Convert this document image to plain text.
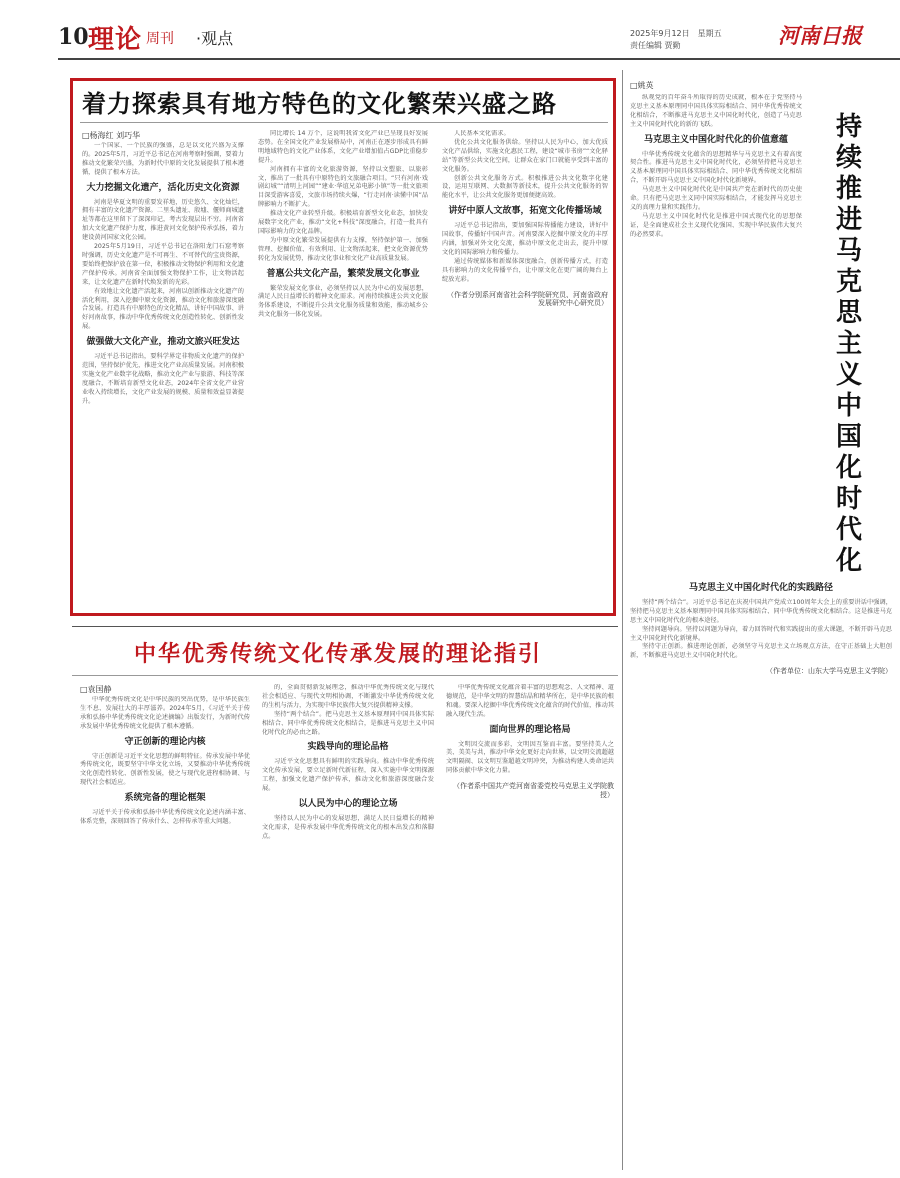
10 理论 周刊 ·观点	2025年9月12日　星期五
责任编辑 贾勤	河南日报
着力探索具有地方特色的文化繁荣兴盛之路
□杨海红 刘巧华

一个国家、一个民族的强盛，总是以文化兴盛为支撑的。2025年5月，习近平总书记在河南考察时强调，要着力推动文化繁荣兴盛，为新时代中原的文化发展提供了根本遵循，提供了根本方法。

大力挖掘文化遗产，活化历史文化资源

河南是华夏文明的重要发祥地，历史悠久、文化灿烂，拥有丰富的文化遗产资源。二里头遗址、殷墟、偃师商城遗址等都在这里留下了深深印记，考古发现层出不穷。河南省加大文化遗产保护力度，推进黄河文化保护传承弘扬，着力建设黄河国家文化公园。

2025年5月19日，习近平总书记在洛阳龙门石窟考察时强调，历史文化遗产是不可再生、不可替代的宝贵资源，要始终把保护放在第一位，积极推动文物保护利用和文化遗产保护传承。河南省全面加强文物保护工作，让文物活起来，让文化遗产在新时代焕发新的光彩。

有效地让文化遗产活起来，河南以创新推动文化遗产的活化利用，深入挖掘中原文化资源，推动文化和旅游深度融合发展。打造具有中原特色的文化精品，讲好中国故事、讲好河南故事，推动中华优秀传统文化创造性转化、创新性发展。

做强做大文化产业，推动文旅兴旺发达

习近平总书记指出，要科学界定非物质文化遗产的保护范围，坚持保护优先，推进文化产业高质量发展。河南积极实施文化产业数字化战略，推动文化产业与旅游、科技等深度融合，不断培育新型文化业态，2024年全省文化产业营业收入持续增长，文化产业发展的规模、质量和效益显著提升。

同比增长 14 万个，这说明我省文化产业已呈现良好发展态势。在全国文化产业发展格局中，河南正在逐步形成具有鲜明地域特色的文化产业体系，文化产业增加值占GDP比重稳步提升。

河南拥有丰富的文化旅游资源，坚持以文塑旅、以旅彰文，推出了一批具有中原特色的文旅融合项目。“只有河南·戏剧幻城”“清明上河园”“建业·华谊兄弟电影小镇”等一批文旅项目深受游客喜爱，文旅市场持续火爆，“行走河南·读懂中国”品牌影响力不断扩大。

推动文化产业转型升级。积极培育新型文化业态，加快发展数字文化产业，推动“文化+科技”深度融合，打造一批具有国际影响力的文化品牌。

为中原文化繁荣发展提供有力支撑，坚持保护第一、加强管理、挖掘价值、有效利用、让文物活起来，把文化资源优势转化为发展优势，推动文化事业和文化产业高质量发展。

普惠公共文化产品，繁荣发展文化事业

繁荣发展文化事业，必须坚持以人民为中心的发展思想，满足人民日益增长的精神文化需求。河南持续推进公共文化服务体系建设，不断提升公共文化服务质量和效能，推动城乡公共文化服务一体化发展。

人民基本文化需求。

优化公共文化服务供给。坚持以人民为中心，加大优质文化产品供给，实施文化惠民工程，建设“城市书房”“文化驿站”等新型公共文化空间，让群众在家门口就能享受到丰富的文化服务。

创新公共文化服务方式。积极推进公共文化数字化建设，运用互联网、大数据等新技术，提升公共文化服务的智能化水平，让公共文化服务更加便捷高效。

讲好中原人文故事，拓宽文化传播场域

习近平总书记指出，要加强国际传播能力建设，讲好中国故事，传播好中国声音。河南要深入挖掘中原文化的丰厚内涵，加强对外文化交流，推动中原文化走出去，提升中原文化的国际影响力和传播力。

通过传统媒体和新媒体深度融合，创新传播方式，打造具有影响力的文化传播平台，让中原文化在更广阔的舞台上绽放光彩。

（作者分别系河南省社会科学院研究员、河南省政府发展研究中心研究员）
中华优秀传统文化传承发展的理论指引
□袁国静

中华优秀传统文化是中华民族的突出优势，是中华民族生生不息、发展壮大的丰厚滋养。2024年5月，《习近平关于传承和弘扬中华优秀传统文化论述摘编》出版发行，为新时代传承发展中华优秀传统文化提供了根本遵循。

守正创新的理论内核

守正创新是习近平文化思想的鲜明特征。传承发展中华优秀传统文化，既要坚守中华文化立场，又要推动中华优秀传统文化创造性转化、创新性发展，使之与现代化进程相协调、与现代社会相适应。

系统完备的理论框架

习近平关于传承和弘扬中华优秀传统文化论述内涵丰富、体系完整，深刻回答了传承什么、怎样传承等重大问题。

的，全面贯彻新发展理念，推动中华优秀传统文化与现代社会相适应、与现代文明相协调，不断激发中华优秀传统文化的生机与活力，为实现中华民族伟大复兴提供精神支撑。

坚持“两个结合”。把马克思主义基本原理同中国具体实际相结合、同中华优秀传统文化相结合，是推进马克思主义中国化时代化的必由之路。

实践导向的理论品格

习近平文化思想具有鲜明的实践导向。推动中华优秀传统文化传承发展，要立足新时代新征程，深入实施中华文明探源工程，加强文化遗产保护传承，推动文化和旅游深度融合发展。

以人民为中心的理论立场

坚持以人民为中心的发展思想，满足人民日益增长的精神文化需求，是传承发展中华优秀传统文化的根本出发点和落脚点。

中华优秀传统文化蕴含着丰富的思想观念、人文精神、道德规范，是中华文明的智慧结晶和精华所在，是中华民族的根和魂。要深入挖掘中华优秀传统文化蕴含的时代价值，推动其融入现代生活。

面向世界的理论格局

文明因交流而多彩，文明因互鉴而丰富。要坚持美人之美、美美与共，推动中华文化更好走向世界，以文明交流超越文明隔阂、以文明互鉴超越文明冲突，为推动构建人类命运共同体贡献中华文化力量。

（作者系中国共产党河南省委党校马克思主义学院教授）
□姚英
持续推进马克思主义中国化时代化

纵观党的百年奋斗所取得的历史成就，根本在于党坚持马克思主义基本原理同中国具体实际相结合、同中华优秀传统文化相结合，不断推进马克思主义中国化时代化，创造了马克思主义中国化时代化的新的飞跃。

马克思主义中国化时代化的价值意蕴

中华优秀传统文化蕴含的思想精华与马克思主义有着高度契合性。推进马克思主义中国化时代化，必须坚持把马克思主义基本原理同中国具体实际相结合、同中华优秀传统文化相结合，不断开辟马克思主义中国化时代化新境界。

马克思主义中国化时代化是中国共产党在新时代的历史使命。只有把马克思主义同中国实际相结合，才能发挥马克思主义的真理力量和实践伟力。

马克思主义中国化时代化是推进中国式现代化的思想保证，是全面建成社会主义现代化强国、实现中华民族伟大复兴的必然要求。

马克思主义中国化时代化的实践路径

坚持“两个结合”。习近平总书记在庆祝中国共产党成立100周年大会上的重要讲话中强调，坚持把马克思主义基本原理同中国具体实际相结合、同中华优秀传统文化相结合。这是推进马克思主义中国化时代化的根本途径。

坚持问题导向。坚持以问题为导向，着力回答时代和实践提出的重大课题，不断开辟马克思主义中国化时代化新境界。

坚持守正创新。推进理论创新，必须坚守马克思主义立场观点方法，在守正基础上大胆创新，不断推进马克思主义中国化时代化。

（作者单位：山东大学马克思主义学院）
